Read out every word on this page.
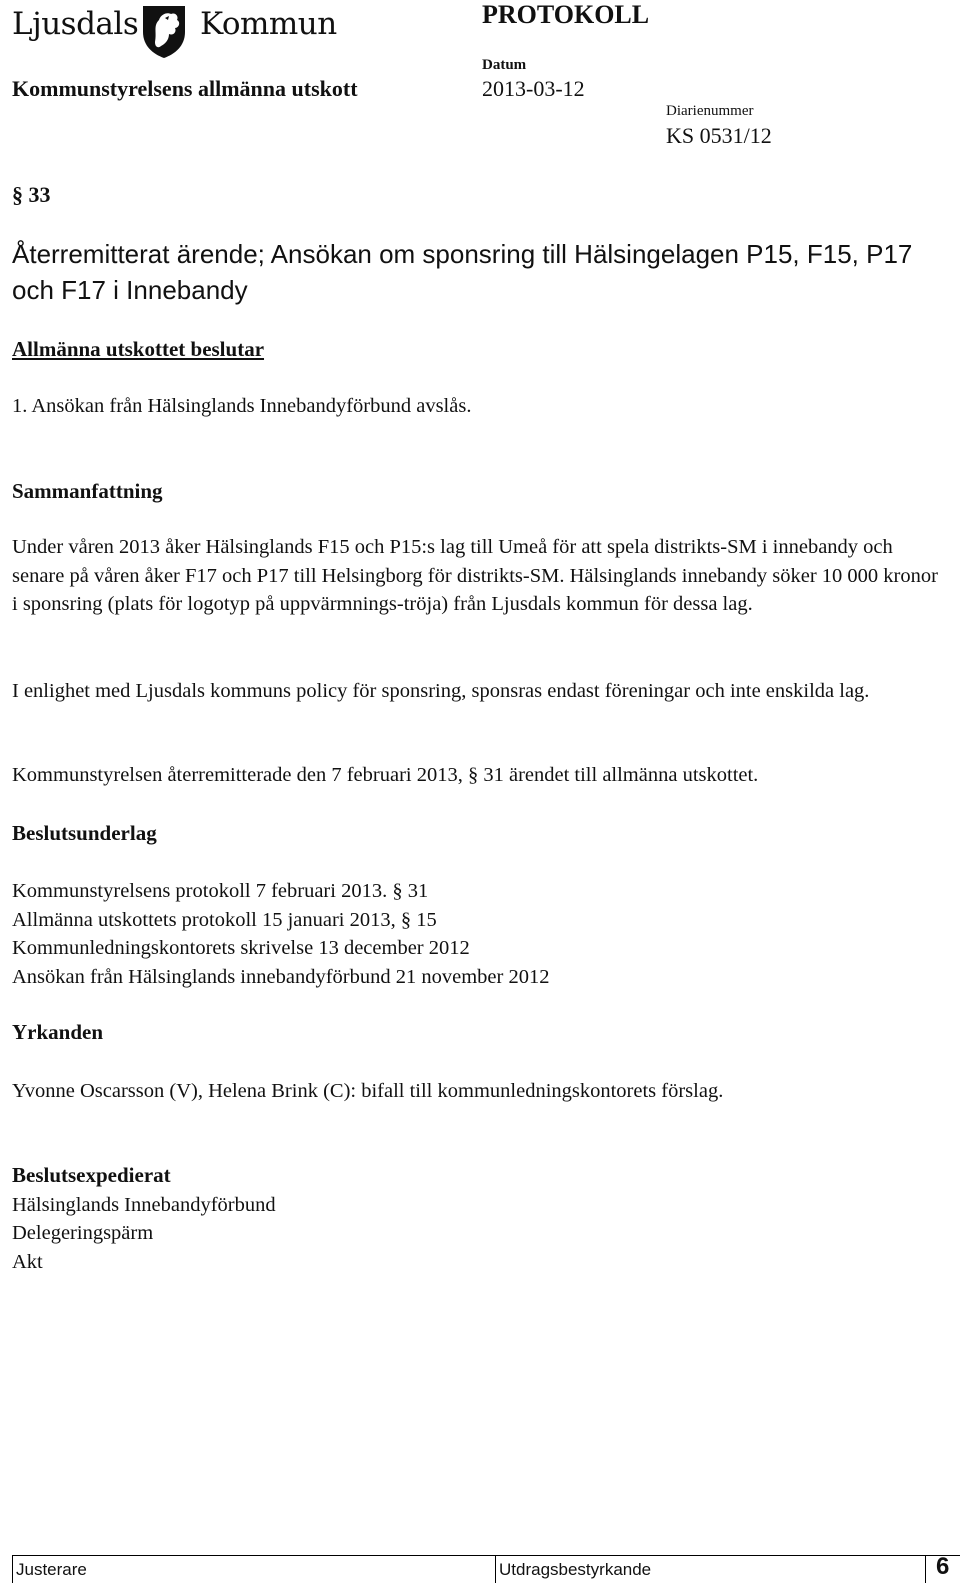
Ljusdals Kommun	PROTOKOLL
Kommunstyrelsens allmänna utskott
Datum
2013-03-12
Diarienummer
KS 0531/12
§ 33
Återremitterat ärende; Ansökan om sponsring till Hälsingelagen P15, F15, P17 och F17 i Innebandy
Allmänna utskottet beslutar
1. Ansökan från Hälsinglands Innebandyförbund avslås.
Sammanfattning
Under våren 2013 åker Hälsinglands F15 och P15:s lag till Umeå för att spela distrikts-SM i innebandy och senare på våren åker F17 och P17 till Helsingborg för distrikts-SM. Hälsinglands innebandy söker 10 000 kronor i sponsring (plats för logotyp på uppvärmnings-tröja) från Ljusdals kommun för dessa lag.
I enlighet med Ljusdals kommuns policy för sponsring, sponsras endast föreningar och inte enskilda lag.
Kommunstyrelsen återremitterade den 7 februari 2013, § 31 ärendet till allmänna utskottet.
Beslutsunderlag
Kommunstyrelsens protokoll 7 februari 2013. § 31
Allmänna utskottets protokoll 15 januari 2013, § 15
Kommunledningskontorets skrivelse 13 december 2012
Ansökan från Hälsinglands innebandyförbund 21 november 2012
Yrkanden
Yvonne Oscarsson (V), Helena Brink (C): bifall till kommunledningskontorets förslag.
Beslutsexpedierat
Hälsinglands Innebandyförbund
Delegeringspärm
Akt
Justerare	Utdragsbestyrkande	6
